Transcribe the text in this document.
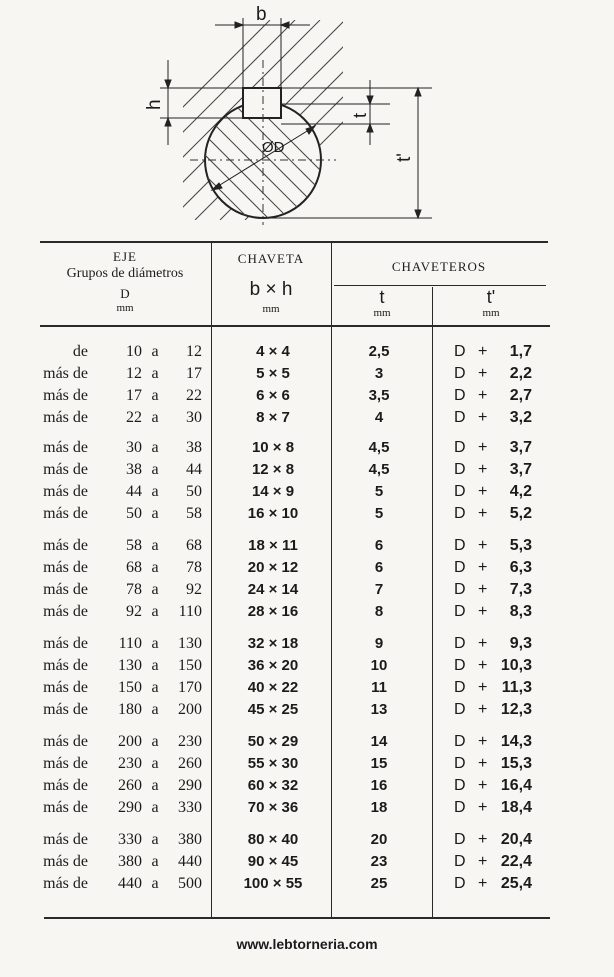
b
h
t
t'
ØD
EJE
Grupos de diámetros
D
mm
CHAVETA
b × h
mm
CHAVETEROS
t
mm
t'
mm
de	10 a	12	4 × 4	2,5	D + 1,7
más de	12 a	17	5 × 5	3	D + 2,2
más de	17 a	22	6 × 6	3,5	D + 2,7
más de	22 a	30	8 × 7	4	D + 3,2
más de	30 a	38	10 × 8	4,5	D + 3,7
más de	38 a	44	12 × 8	4,5	D + 3,7
más de	44 a	50	14 × 9	5	D + 4,2
más de	50 a	58	16 × 10	5	D + 5,2
más de	58 a	68	18 × 11	6	D + 5,3
más de	68 a	78	20 × 12	6	D + 6,3
más de	78 a	92	24 × 14	7	D + 7,3
más de	92 a	110	28 × 16	8	D + 8,3
más de	110 a	130	32 × 18	9	D + 9,3
más de	130 a	150	36 × 20	10	D + 10,3
más de	150 a	170	40 × 22	11	D + 11,3
más de	180 a	200	45 × 25	13	D + 12,3
más de	200 a	230	50 × 29	14	D + 14,3
más de	230 a	260	55 × 30	15	D + 15,3
más de	260 a	290	60 × 32	16	D + 16,4
más de	290 a	330	70 × 36	18	D + 18,4
más de	330 a	380	80 × 40	20	D + 20,4
más de	380 a	440	90 × 45	23	D + 22,4
más de	440 a	500	100 × 55	25	D + 25,4
www.lebtorneria.com
